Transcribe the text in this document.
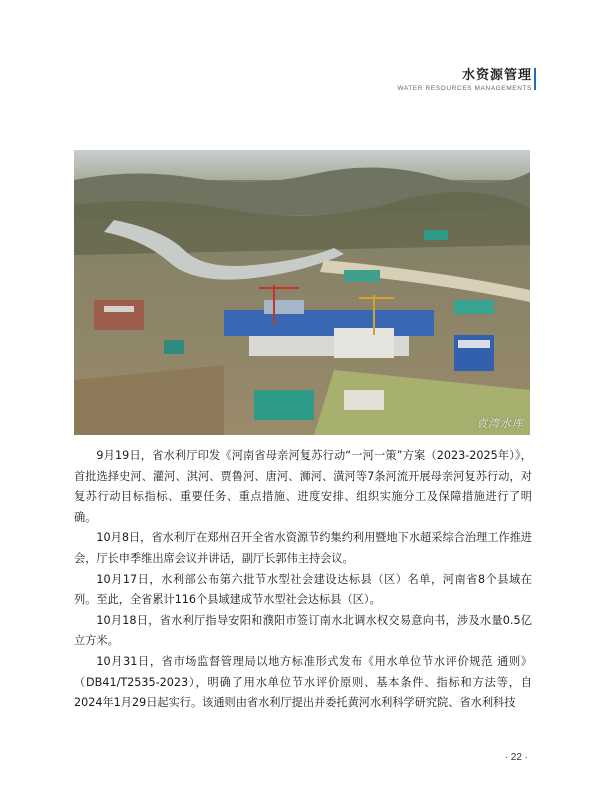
水资源管理
WATER RESOURCES MANAGEMENTS
袁湾水库

9月19日，省水利厅印发《河南省母亲河复苏行动“一河一策”方案（2023-2025年）》，首批选择史河、灌河、淇河、贾鲁河、唐河、浉河、潢河等7条河流开展母亲河复苏行动，对复苏行动目标指标、重要任务、重点措施、进度安排、组织实施分工及保障措施进行了明确。

10月8日，省水利厅在郑州召开全省水资源节约集约利用暨地下水超采综合治理工作推进会，厅长申季维出席会议并讲话，副厅长郭伟主持会议。

10月17日，水利部公布第六批节水型社会建设达标县（区）名单，河南省8个县域在列。至此，全省累计116个县域建成节水型社会达标县（区）。

10月18日，省水利厅指导安阳和濮阳市签订南水北调水权交易意向书，涉及水量0.5亿立方米。

10月31日，省市场监督管理局以地方标准形式发布《用水单位节水评价规范 通则》（DB41/T2535-2023），明确了用水单位节水评价原则、基本条件、指标和方法等，自2024年1月29日起实行。该通则由省水利厅提出并委托黄河水利科学研究院、省水利科技

· 22 ·
